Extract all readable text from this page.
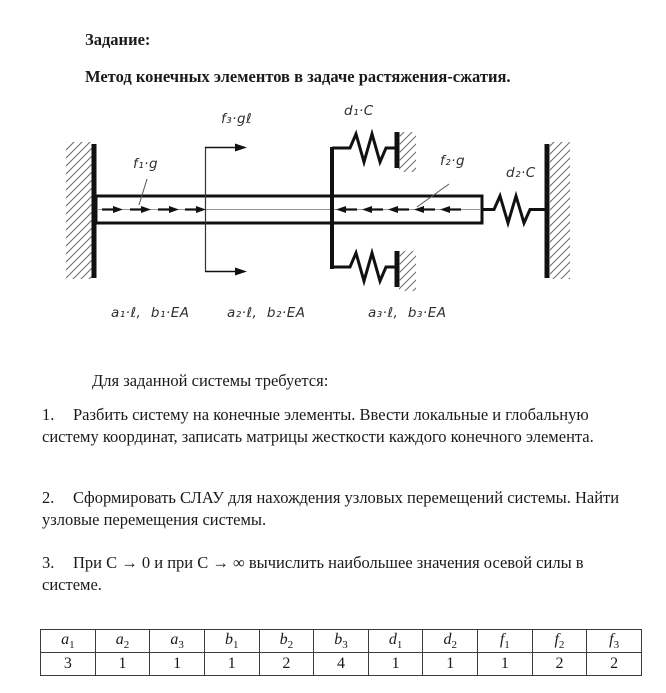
f₁·g
f₃·gℓ	d₁·C
f₂·g
d₂·C
a₁·ℓ,  b₁·EA	a₂·ℓ,  b₂·EA	a₃·ℓ,  b₃·EA
Задание:
Метод конечных элементов в задаче растяжения-сжатия.
Для заданной системы требуется:
1. Разбить систему на конечные элементы. Ввести локальные и глобальную систему координат, записать матрицы жесткости каждого конечного элемента.
2. Сформировать СЛАУ для нахождения узловых перемещений системы. Найти узловые перемещения системы.
3. При С → 0 и при С → ∞ вычислить наибольшее значения осевой силы в системе.
$a_1$	$a_2$	$a_3$	$b_1$	$b_2$	$b_3$	$d_1$	$d_2$	$f_1$	$f_2$	$f_3$
3	1	1	1	2	4	1	1	1	2	2
